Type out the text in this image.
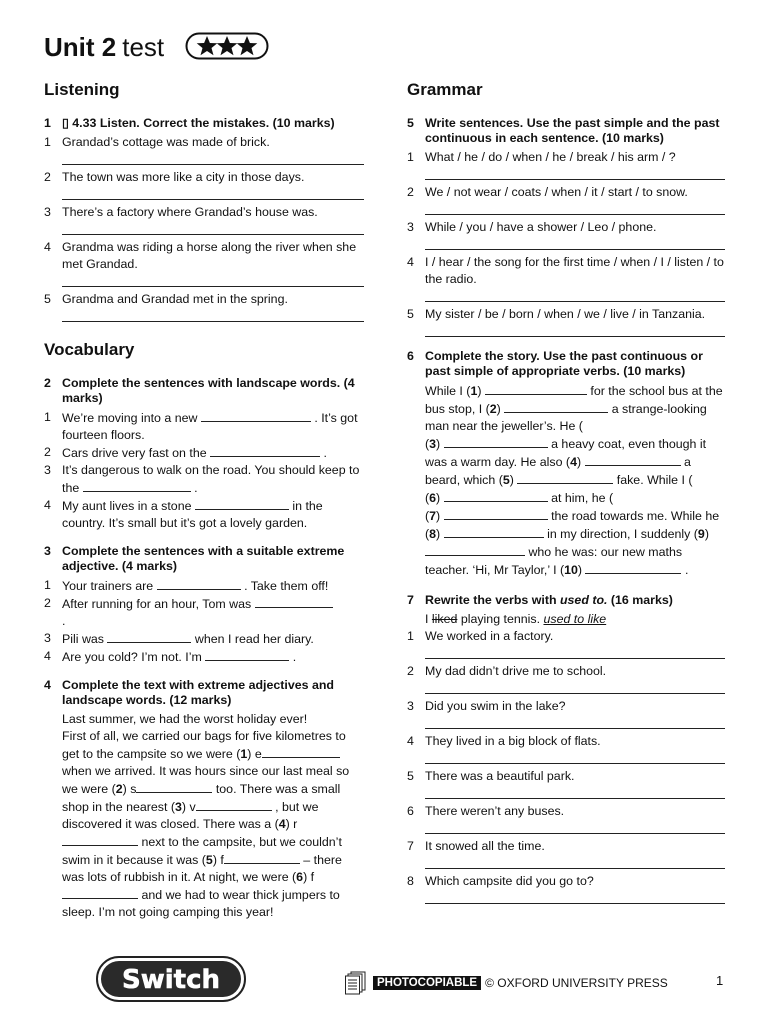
Unit 2 test
Listening
1 ▯ 4.33 Listen. Correct the mistakes. (10 marks)
1 Grandad’s cottage was made of brick.
2 The town was more like a city in those days.
3 There’s a factory where Grandad’s house was.
4 Grandma was riding a horse along the river when she met Grandad.
5 Grandma and Grandad met in the spring.
Vocabulary
2 Complete the sentences with landscape words. (4 marks)
1 We’re moving into a new	. It’s got fourteen floors.
2 Cars drive very fast on the	.
3 It’s dangerous to walk on the road. You should keep to the	.
4 My aunt lives in a stone	in the country. It’s small but it’s got a lovely garden.
3 Complete the sentences with a suitable extreme adjective. (4 marks)
1 Your trainers are	. Take them off!
2 After running for an hour, Tom was
.
3 Pili was	when I read her diary.
4 Are you cold? I’m not. I’m	.
4 Complete the text with extreme adjectives and landscape words. (12 marks)
Last summer, we had the worst holiday ever!
First of all, we carried our bags for five kilometres to get to the campsite so we were (1) e when we arrived. It was hours since our last meal so we were (2) s	too. There was a small shop in the nearest (3) v	, but we discovered it was closed. There was a (4) r next to the campsite, but we couldn’t swim in it because it was (5) f	– there was lots of rubbish in it. At night, we were (6) f and we had to wear thick jumpers to sleep. I’m not going camping this year!
Grammar
5 Write sentences. Use the past simple and the past continuous in each sentence. (10 marks)
1 What / he / do / when / he / break / his arm / ?
2 We / not wear / coats / when / it / start / to snow.
3 While / you / have a shower / Leo / phone.
4 I / hear / the song for the first time / when / I / listen / to the radio.
5 My sister / be / born / when / we / live / in Tanzania.
6 Complete the story. Use the past continuous or past simple of appropriate verbs. (10 marks)
While I (1)	for the school bus at the bus stop, I (2)	a strange-looking man near the jeweller’s. He (
(3)	a heavy coat, even though it was a warm day. He also (4)	a beard, which (5)	fake. While I (
(6)	at him, he (
(7)	the road towards me. While he (8)	in my direction, I suddenly (9)  who he was: our new maths teacher. ‘Hi, Mr Taylor,’ I (10)	.
7 Rewrite the verbs with used to. (16 marks)
I liked playing tennis. used to like
1 We worked in a factory.
2 My dad didn’t drive me to school.
3 Did you swim in the lake?
4 They lived in a big block of flats.
5 There was a beautiful park.
6 There weren’t any buses.
7 It snowed all the time.
8 Which campsite did you go to?
Switch	PHOTOCOPIABLE © OXFORD UNIVERSITY PRESS	1
